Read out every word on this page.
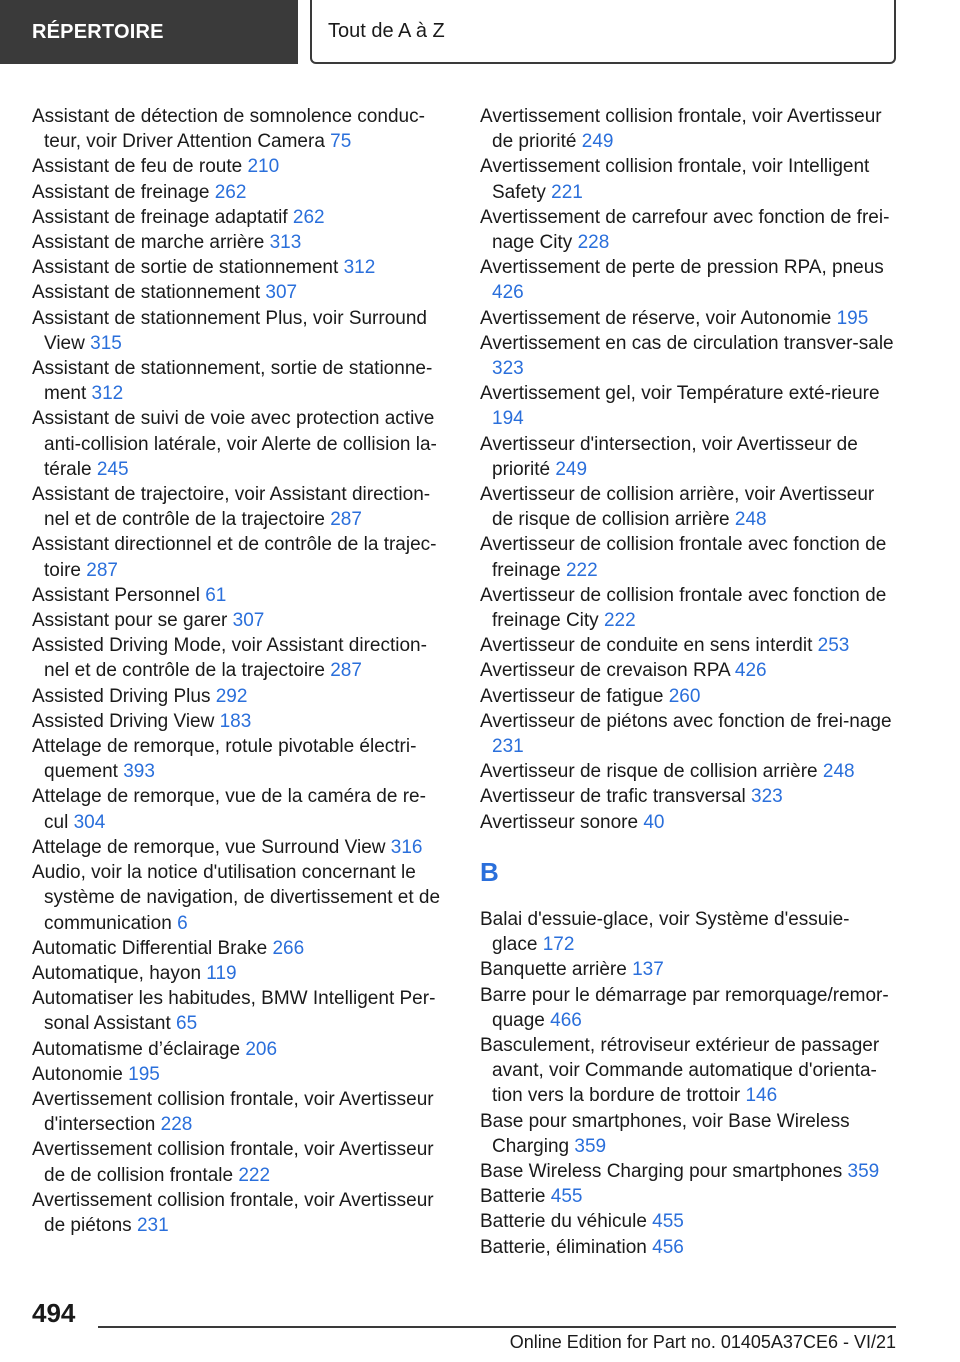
RÉPERTOIRE	Tout de A à Z
Assistant de détection de somnolence conduc-teur, voir Driver Attention Camera 75
Assistant de feu de route 210
Assistant de freinage 262
Assistant de freinage adaptatif 262
Assistant de marche arrière 313
Assistant de sortie de stationnement 312
Assistant de stationnement 307
Assistant de stationnement Plus, voir Surround View 315
Assistant de stationnement, sortie de stationne-ment 312
Assistant de suivi de voie avec protection active anti-collision latérale, voir Alerte de collision la-térale 245
Assistant de trajectoire, voir Assistant direction-nel et de contrôle de la trajectoire 287
Assistant directionnel et de contrôle de la trajec-toire 287
Assistant Personnel 61
Assistant pour se garer 307
Assisted Driving Mode, voir Assistant direction-nel et de contrôle de la trajectoire 287
Assisted Driving Plus 292
Assisted Driving View 183
Attelage de remorque, rotule pivotable électri-quement 393
Attelage de remorque, vue de la caméra de re-cul 304
Attelage de remorque, vue Surround View 316
Audio, voir la notice d'utilisation concernant le système de navigation, de divertissement et de communication 6
Automatic Differential Brake 266
Automatique, hayon 119
Automatiser les habitudes, BMW Intelligent Per-sonal Assistant 65
Automatisme d’éclairage 206
Autonomie 195
Avertissement collision frontale, voir Avertisseur d'intersection 228
Avertissement collision frontale, voir Avertisseur de de collision frontale 222
Avertissement collision frontale, voir Avertisseur de piétons 231
Avertissement collision frontale, voir Avertisseur de priorité 249
Avertissement collision frontale, voir Intelligent Safety 221
Avertissement de carrefour avec fonction de frei-nage City 228
Avertissement de perte de pression RPA, pneus 426
Avertissement de réserve, voir Autonomie 195
Avertissement en cas de circulation transver-sale 323
Avertissement gel, voir Température exté-rieure 194
Avertisseur d'intersection, voir Avertisseur de priorité 249
Avertisseur de collision arrière, voir Avertisseur de risque de collision arrière 248
Avertisseur de collision frontale avec fonction de freinage 222
Avertisseur de collision frontale avec fonction de freinage City 222
Avertisseur de conduite en sens interdit 253
Avertisseur de crevaison RPA 426
Avertisseur de fatigue 260
Avertisseur de piétons avec fonction de frei-nage 231
Avertisseur de risque de collision arrière 248
Avertisseur de trafic transversal 323
Avertisseur sonore 40
B
Balai d'essuie-glace, voir Système d'essuie-glace 172
Banquette arrière 137
Barre pour le démarrage par remorquage/remor-quage 466
Basculement, rétroviseur extérieur de passager avant, voir Commande automatique d'orienta-tion vers la bordure de trottoir 146
Base pour smartphones, voir Base Wireless Charging 359
Base Wireless Charging pour smartphones 359
Batterie 455
Batterie du véhicule 455
Batterie, élimination 456
494
Online Edition for Part no. 01405A37CE6 - VI/21
